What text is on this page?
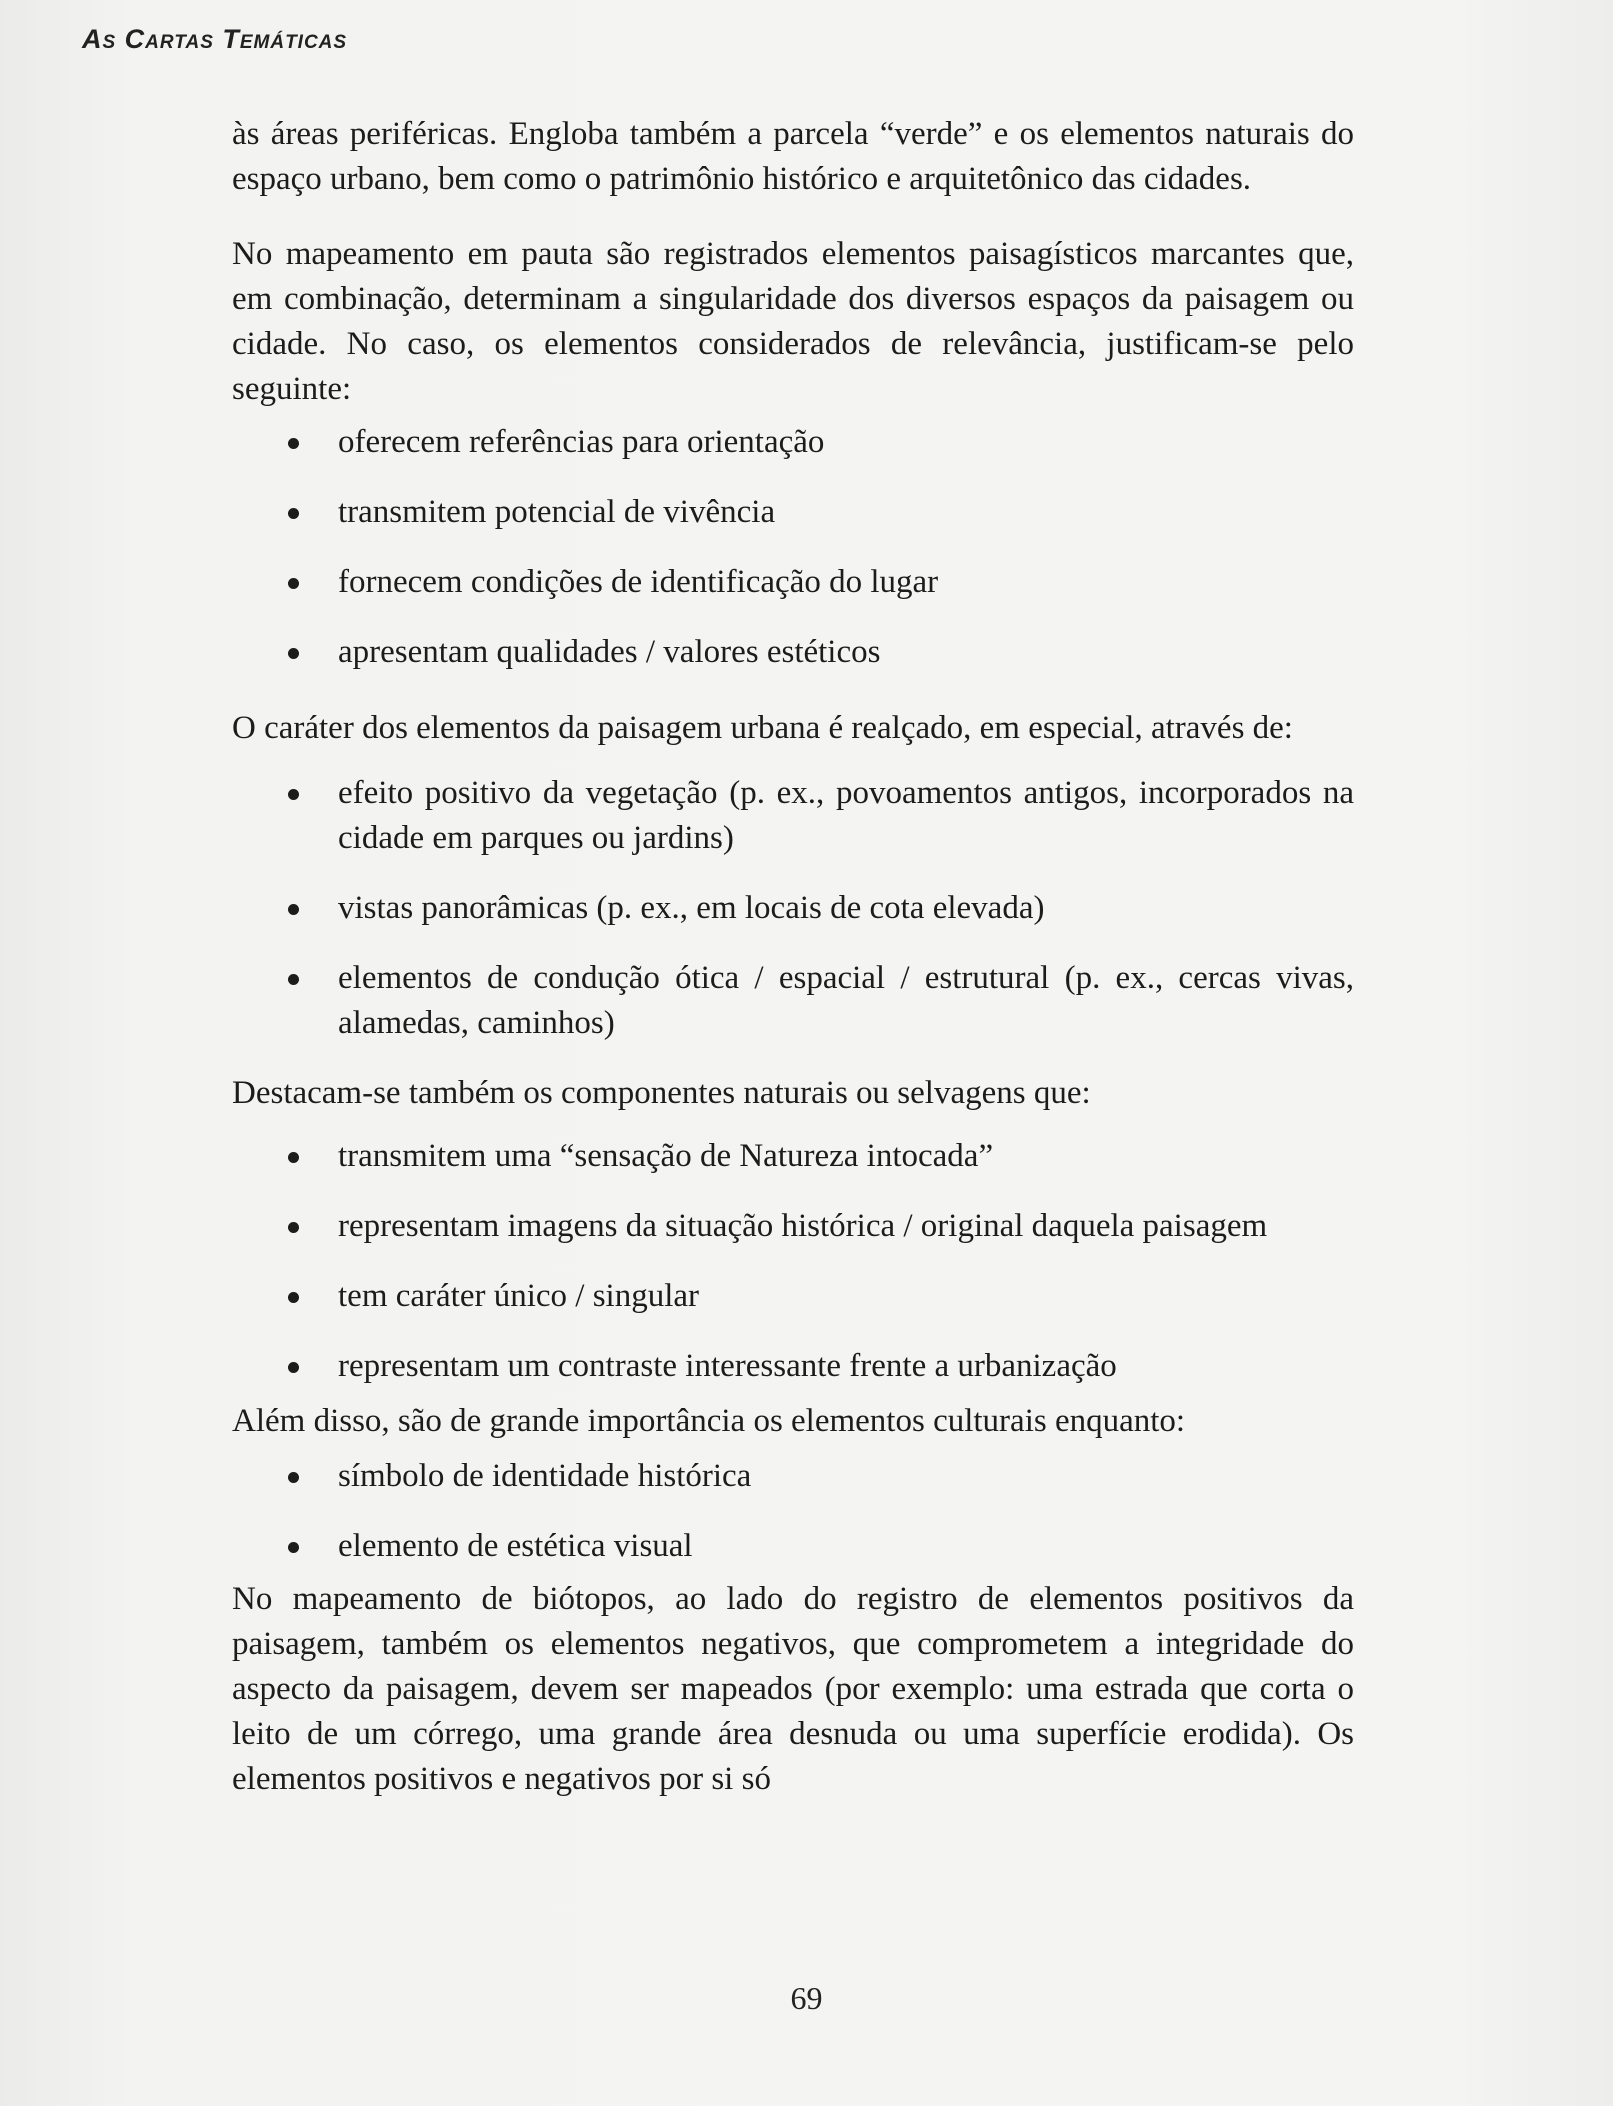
As Cartas Temáticas

às áreas periféricas. Engloba também a parcela “verde” e os elementos naturais do espaço urbano, bem como o patrimônio histórico e arquitetônico das cidades.

No mapeamento em pauta são registrados elementos paisagísticos marcantes que, em combinação, determinam a singularidade dos diversos espaços da paisagem ou cidade. No caso, os elementos considerados de relevância, justificam-se pelo seguinte:

oferecem referências para orientação
transmitem potencial de vivência
fornecem condições de identificação do lugar
apresentam qualidades / valores estéticos

O caráter dos elementos da paisagem urbana é realçado, em especial, através de:

efeito positivo da vegetação (p. ex., povoamentos antigos, incorporados na cidade em parques ou jardins)
vistas panorâmicas (p. ex., em locais de cota elevada)
elementos de condução ótica / espacial / estrutural (p. ex., cercas vivas, alamedas, caminhos)

Destacam-se também os componentes naturais ou selvagens que:

transmitem uma “sensação de Natureza intocada”
representam imagens da situação histórica / original daquela paisagem
tem caráter único / singular
representam um contraste interessante frente a urbanização

Além disso, são de grande importância os elementos culturais enquanto:

símbolo de identidade histórica
elemento de estética visual

No mapeamento de biótopos, ao lado do registro de elementos positivos da paisagem, também os elementos negativos, que comprometem a integridade do aspecto da paisagem, devem ser mapeados (por exemplo: uma estrada que corta o leito de um córrego, uma grande área desnuda ou uma superfície erodida). Os elementos positivos e negativos por si só

69
